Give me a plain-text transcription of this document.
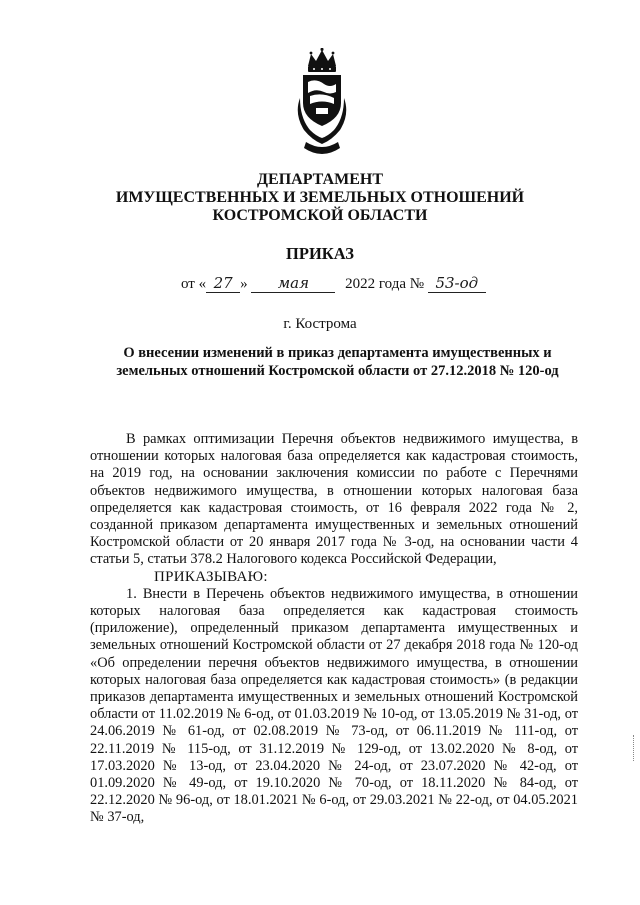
ДЕПАРТАМЕНТ
ИМУЩЕСТВЕННЫХ И ЗЕМЕЛЬНЫХ ОТНОШЕНИЙ
КОСТРОМСКОЙ ОБЛАСТИ
ПРИКАЗ
от « 27 » мая 2022 года № 53-од
г. Кострома
О внесении изменений в приказ департамента имущественных и
земельных отношений Костромской области от 27.12.2018 № 120-од

В рамках оптимизации Перечня объектов недвижимого имущества, в отношении которых налоговая база определяется как кадастровая стоимость, на 2019 год, на основании заключения комиссии по работе с Перечнями объектов недвижимого имущества, в отношении которых налоговая база определяется как кадастровая стоимость, от 16 февраля 2022 года № 2, созданной приказом департамента имущественных и земельных отношений Костромской области от 20 января 2017 года № 3-од, на основании части 4 статьи 5, статьи 378.2 Налогового кодекса Российской Федерации,

ПРИКАЗЫВАЮ:

1. Внести в Перечень объектов недвижимого имущества, в отношении которых налоговая база определяется как кадастровая стоимость (приложение), определенный приказом департамента имущественных и земельных отношений Костромской области от 27 декабря 2018 года № 120-од «Об определении перечня объектов недвижимого имущества, в отношении которых налоговая база определяется как кадастровая стоимость» (в редакции приказов департамента имущественных и земельных отношений Костромской области от 11.02.2019 № 6-од, от 01.03.2019 № 10-од, от 13.05.2019 № 31-од, от 24.06.2019 № 61-од, от 02.08.2019 № 73-од, от 06.11.2019 № 111-од, от 22.11.2019 № 115-од, от 31.12.2019 № 129-од, от 13.02.2020 № 8-од, от 17.03.2020 № 13-од, от 23.04.2020 № 24-од, от 23.07.2020 № 42-од, от 01.09.2020 № 49-од, от 19.10.2020 № 70-од, от 18.11.2020 № 84-од, от 22.12.2020 № 96-од, от 18.01.2021 № 6-од, от 29.03.2021 № 22-од, от 04.05.2021 № 37-од,
